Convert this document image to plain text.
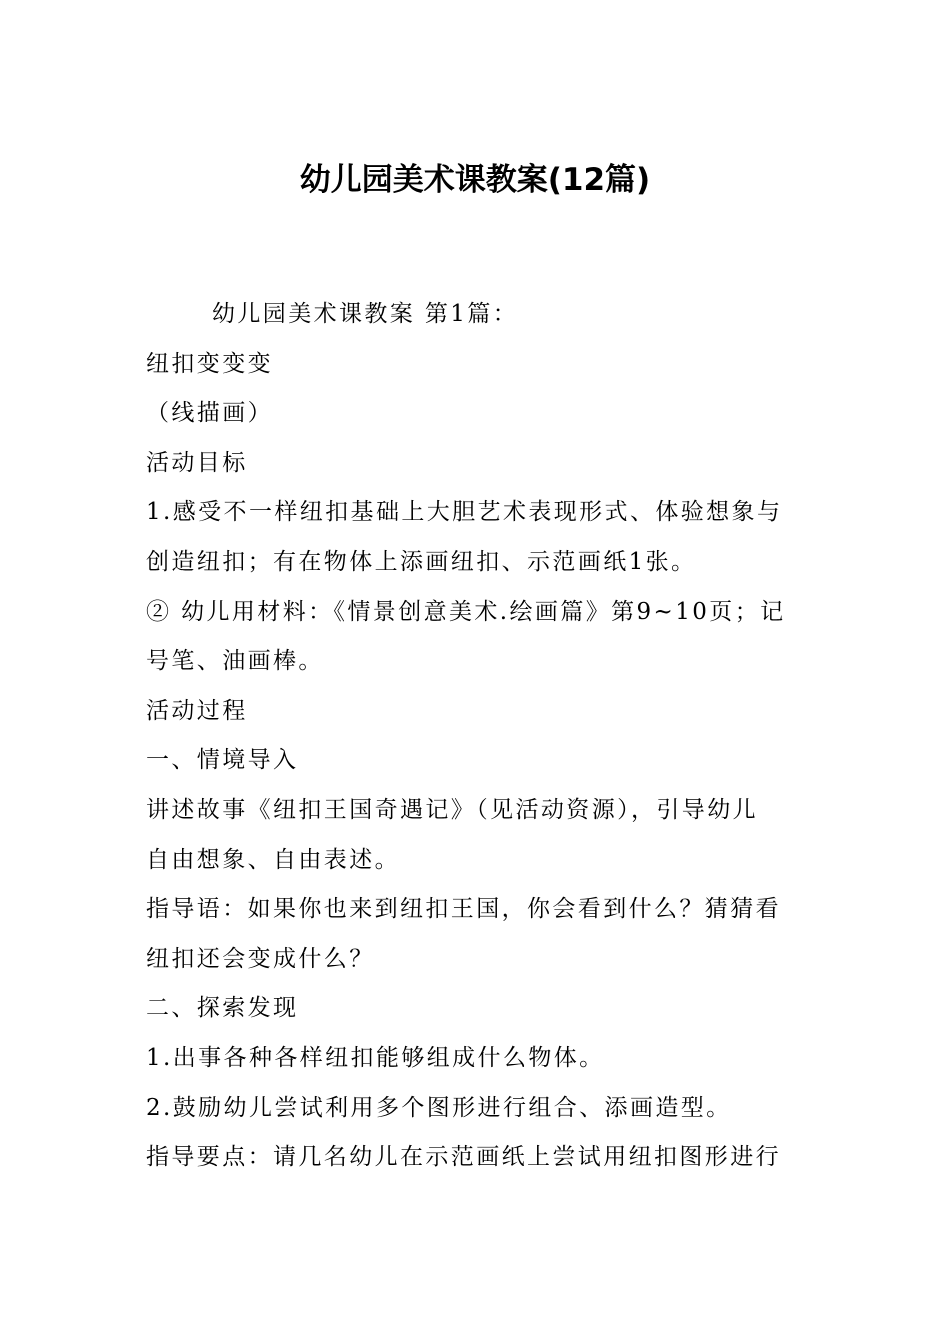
幼儿园美术课教案(12篇)
幼儿园美术课教案 第1篇：
纽扣变变变
（线描画）
活动目标
1.感受不一样纽扣基础上大胆艺术表现形式、体验想象与
创造纽扣；有在物体上添画纽扣、示范画纸1张。
② 幼儿用材料：《情景创意美术.绘画篇》第9~10页；记
号笔、油画棒。
活动过程
一、情境导入
讲述故事《纽扣王国奇遇记》（见活动资源），引导幼儿
自由想象、自由表述。
指导语：如果你也来到纽扣王国，你会看到什么？猜猜看
纽扣还会变成什么？
二、探索发现
1.出事各种各样纽扣能够组成什么物体。
2.鼓励幼儿尝试利用多个图形进行组合、添画造型。
指导要点：请几名幼儿在示范画纸上尝试用纽扣图形进行
